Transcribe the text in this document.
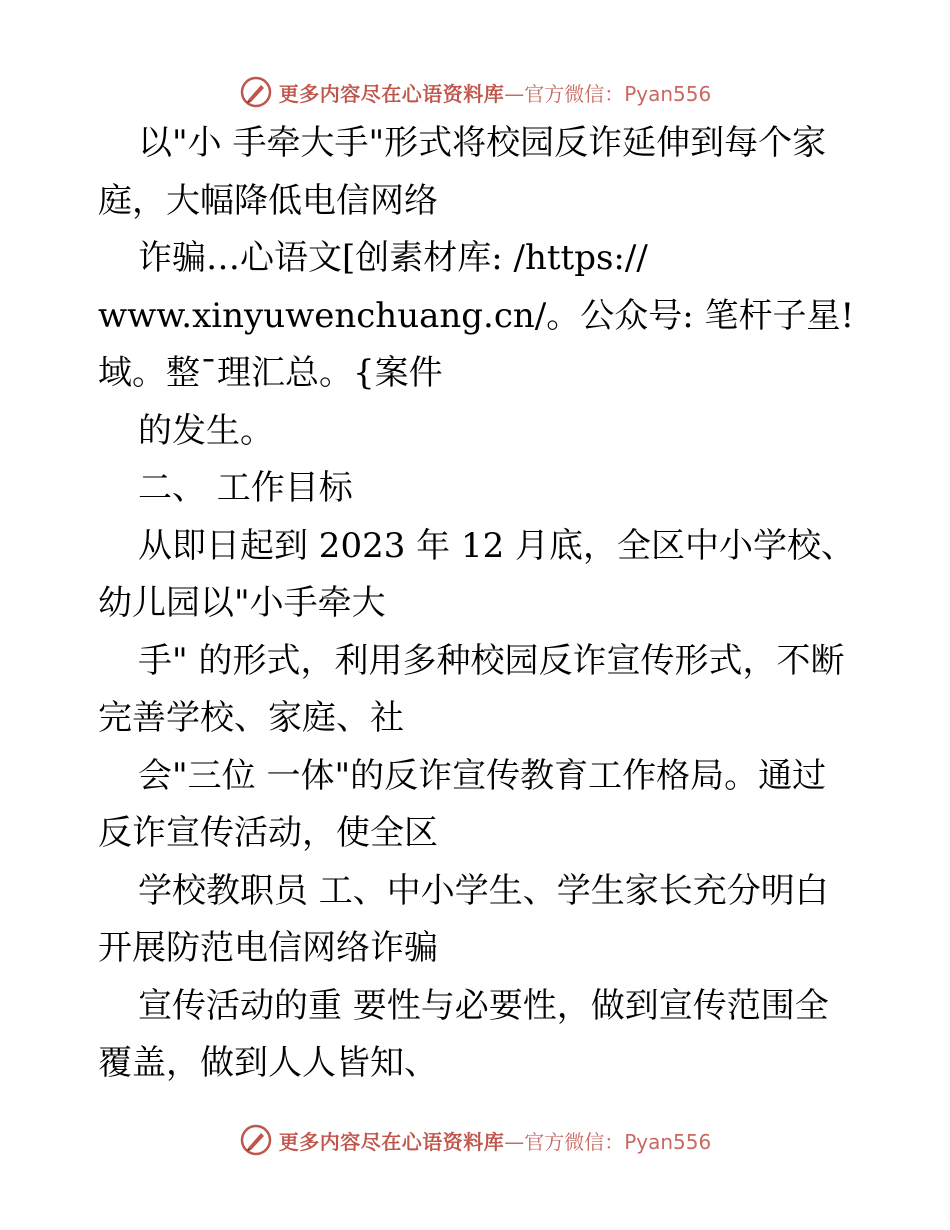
更多内容尽在心语资料库 —官方微信：Pyan556
以"小 手牵大手"形式将校园反诈延伸到每个家
庭，大幅降低电信网络
诈骗…心语文[创素材库: /https://
www.xinyuwenchuang.cn/。公众号: 笔杆子星!
域。整¯理汇总。{案件
的发生。
二、 工作目标
从即日起到 2023 年 12 月底，全区中小学校、
幼儿园以"小手牵大
手" 的形式，利用多种校园反诈宣传形式，不断
完善学校、家庭、社
会"三位 一体"的反诈宣传教育工作格局。通过
反诈宣传活动，使全区
学校教职员 工、中小学生、学生家长充分明白
开展防范电信网络诈骗
宣传活动的重 要性与必要性，做到宣传范围全
覆盖，做到人人皆知、
更多内容尽在心语资料库 —官方微信：Pyan556
